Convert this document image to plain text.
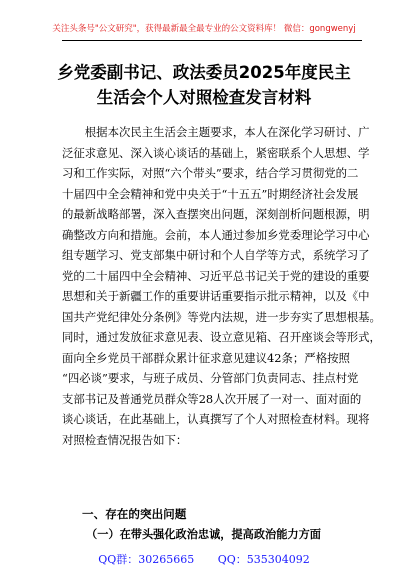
关注头条号"公文研究"，获得最新最全最专业的公文资料库！ 微信：gongwenyj
乡党委副书记、政法委员2025年度民主
生活会个人对照检查发言材料
　　根据本次民主生活会主题要求，本人在深化学习研讨、广
泛征求意见、深入谈心谈话的基础上，紧密联系个人思想、学
习和工作实际，对照“六个带头”要求，结合学习贯彻党的二
十届四中全会精神和党中央关于“十五五”时期经济社会发展
的最新战略部署，深入查摆突出问题，深刻剖析问题根源，明
确整改方向和措施。会前，本人通过参加乡党委理论学习中心
组专题学习、党支部集中研讨和个人自学等方式，系统学习了
党的二十届四中全会精神、习近平总书记关于党的建设的重要
思想和关于新疆工作的重要讲话重要指示批示精神，以及《中
国共产党纪律处分条例》等党内法规，进一步夯实了思想根基。
同时，通过发放征求意见表、设立意见箱、召开座谈会等形式，
面向全乡党员干部群众累计征求意见建议42条；严格按照
“四必谈”要求，与班子成员、分管部门负责同志、挂点村党
支部书记及普通党员群众等28人次开展了一对一、面对面的
谈心谈话，在此基础上，认真撰写了个人对照检查材料。现将
对照检查情况报告如下：
一、存在的突出问题
（一）在带头强化政治忠诚，提高政治能力方面
QQ群：30265665 QQ：535304092
